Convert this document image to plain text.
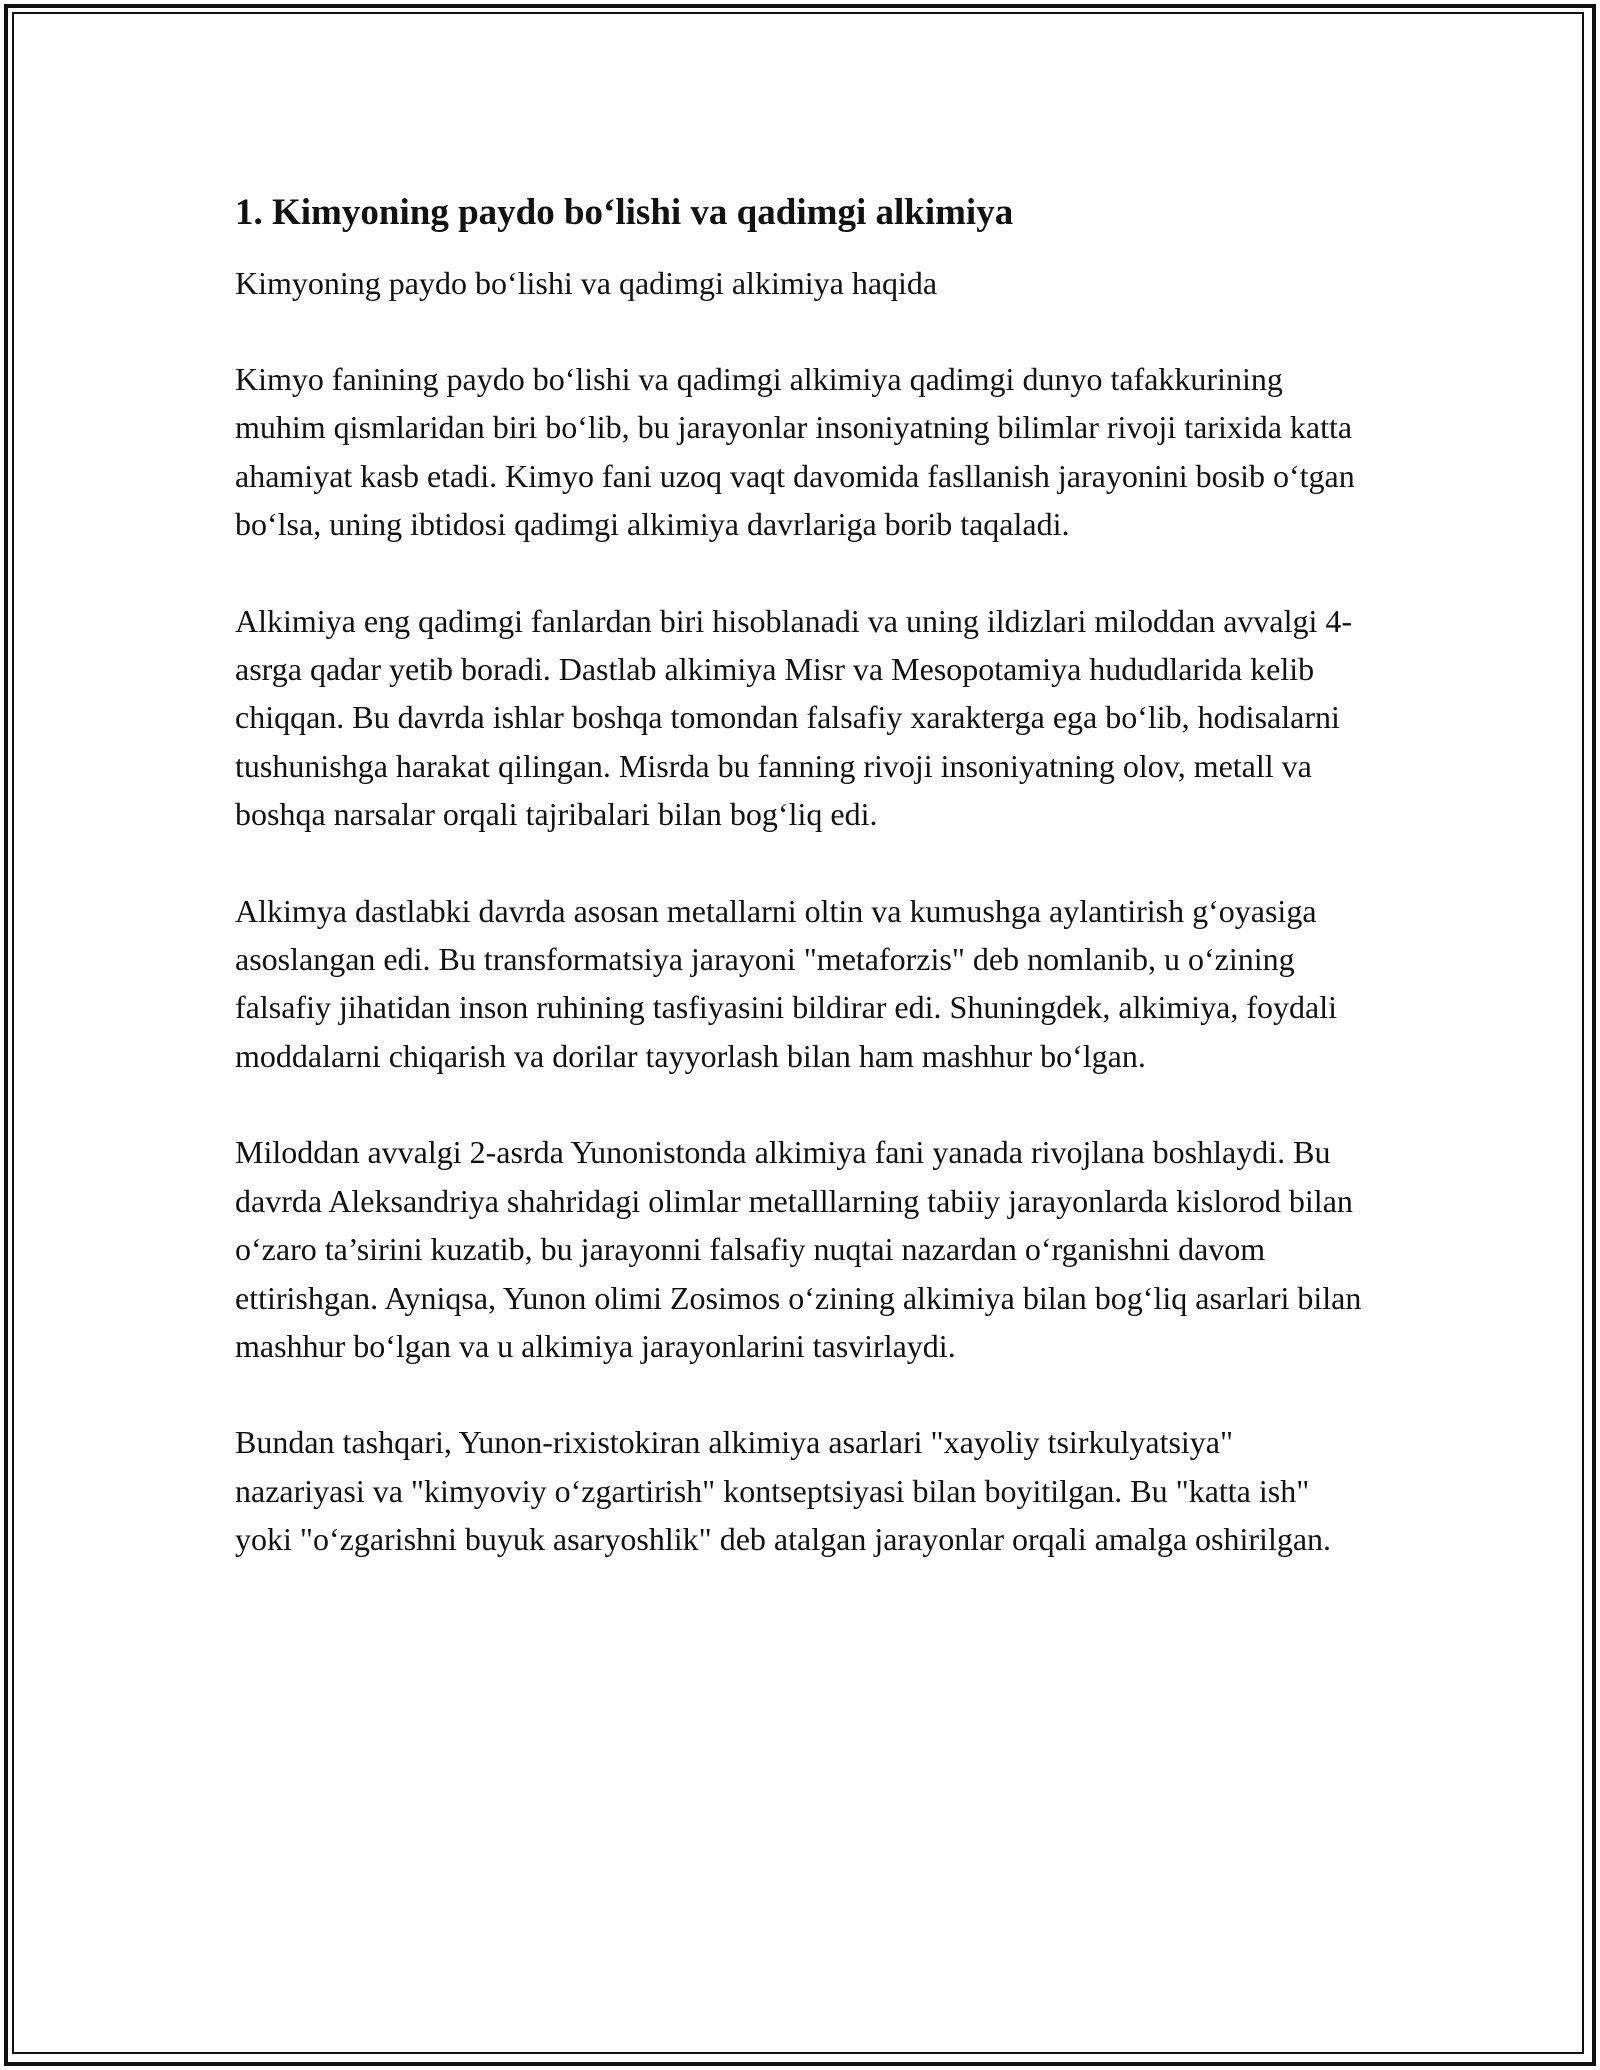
1. Kimyoning paydo bo‘lishi va qadimgi alkimiya

Kimyoning paydo bo‘lishi va qadimgi alkimiya haqida

Kimyo fanining paydo bo‘lishi va qadimgi alkimiya qadimgi dunyo tafakkurining muhim qismlaridan biri bo‘lib, bu jarayonlar insoniyatning bilimlar rivoji tarixida katta ahamiyat kasb etadi. Kimyo fani uzoq vaqt davomida fasllanish jarayonini bosib o‘tgan bo‘lsa, uning ibtidosi qadimgi alkimiya davrlariga borib taqaladi.

Alkimiya eng qadimgi fanlardan biri hisoblanadi va uning ildizlari miloddan avvalgi 4-asrga qadar yetib boradi. Dastlab alkimiya Misr va Mesopotamiya hududlarida kelib chiqqan. Bu davrda ishlar boshqa tomondan falsafiy xarakterga ega bo‘lib, hodisalarni tushunishga harakat qilingan. Misrda bu fanning rivoji insoniyatning olov, metall va boshqa narsalar orqali tajribalari bilan bog‘liq edi.

Alkimya dastlabki davrda asosan metallarni oltin va kumushga aylantirish g‘oyasiga asoslangan edi. Bu transformatsiya jarayoni "metaforzis" deb nomlanib, u o‘zining falsafiy jihatidan inson ruhining tasfiyasini bildirar edi. Shuningdek, alkimiya, foydali moddalarni chiqarish va dorilar tayyorlash bilan ham mashhur bo‘lgan.

Miloddan avvalgi 2-asrda Yunonistonda alkimiya fani yanada rivojlana boshlaydi. Bu davrda Aleksandriya shahridagi olimlar metalllarning tabiiy jarayonlarda kislorod bilan o‘zaro ta’sirini kuzatib, bu jarayonni falsafiy nuqtai nazardan o‘rganishni davom ettirishgan. Ayniqsa, Yunon olimi Zosimos o‘zining alkimiya bilan bog‘liq asarlari bilan mashhur bo‘lgan va u alkimiya jarayonlarini tasvirlaydi.

Bundan tashqari, Yunon-rixistokiran alkimiya asarlari "xayoliy tsirkulyatsiya" nazariyasi va "kimyoviy o‘zgartirish" kontseptsiyasi bilan boyitilgan. Bu "katta ish" yoki "o‘zgarishni buyuk asaryoshlik" deb atalgan jarayonlar orqali amalga oshirilgan.
